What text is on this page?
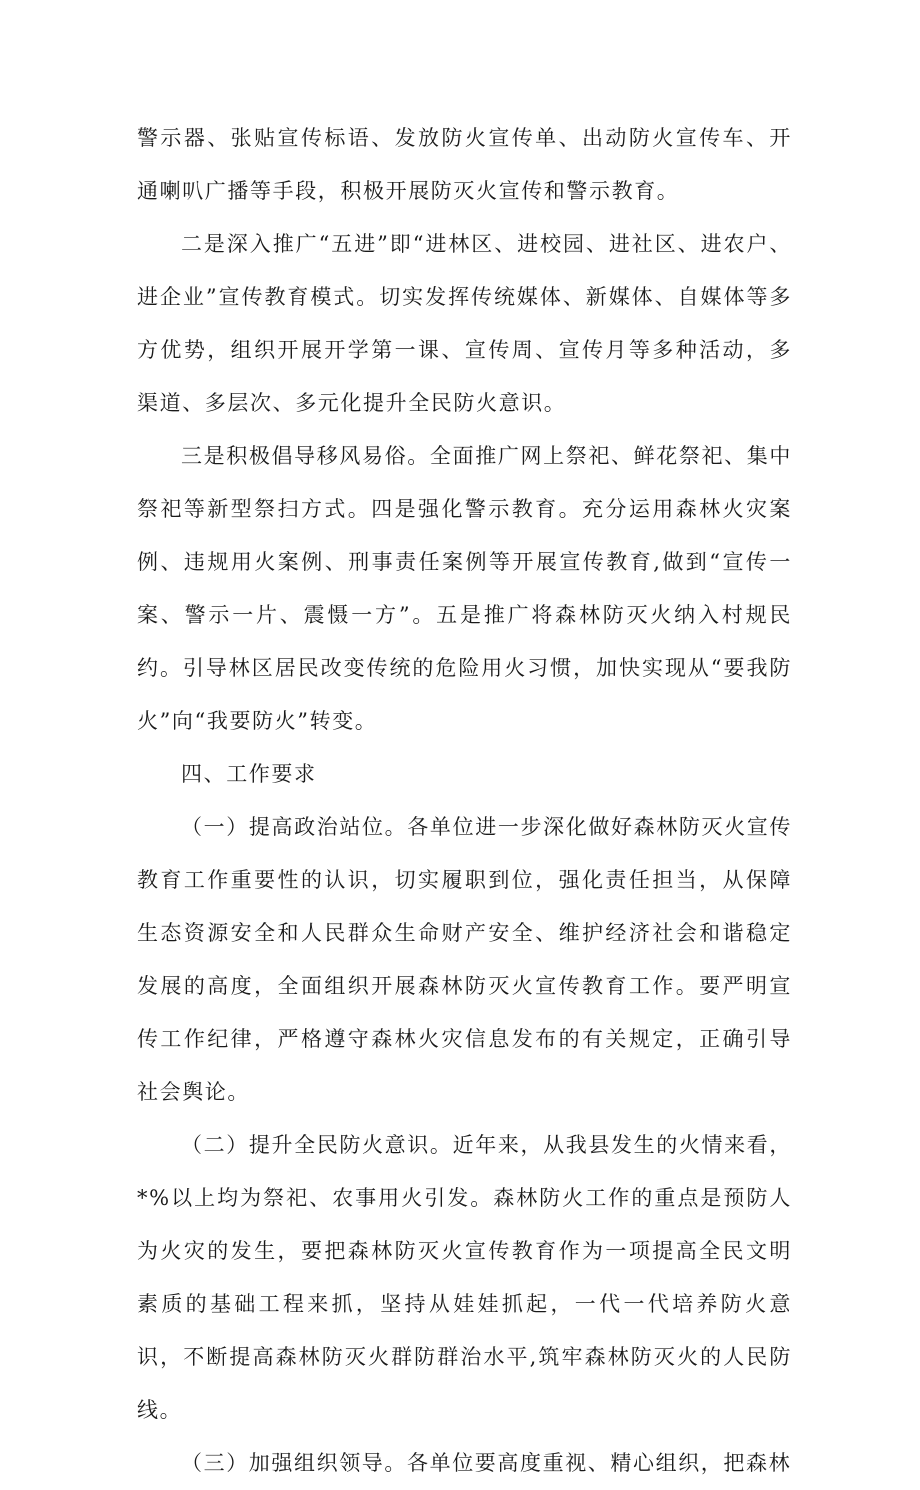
警示器、张贴宣传标语、发放防火宣传单、出动防火宣传车、开通喇叭广播等手段，积极开展防灭火宣传和警示教育。

二是深入推广“五进”即“进林区、进校园、进社区、进农户、进企业”宣传教育模式。切实发挥传统媒体、新媒体、自媒体等多方优势，组织开展开学第一课、宣传周、宣传月等多种活动，多渠道、多层次、多元化提升全民防火意识。

三是积极倡导移风易俗。全面推广网上祭祀、鲜花祭祀、集中祭祀等新型祭扫方式。四是强化警示教育。充分运用森林火灾案例、违规用火案例、刑事责任案例等开展宣传教育,做到“宣传一案、警示一片、震慑一方”。五是推广将森林防灭火纳入村规民约。引导林区居民改变传统的危险用火习惯，加快实现从“要我防火”向“我要防火”转变。

四、工作要求

（一）提高政治站位。各单位进一步深化做好森林防灭火宣传教育工作重要性的认识，切实履职到位，强化责任担当，从保障生态资源安全和人民群众生命财产安全、维护经济社会和谐稳定发展的高度，全面组织开展森林防灭火宣传教育工作。要严明宣传工作纪律，严格遵守森林火灾信息发布的有关规定，正确引导社会舆论。

（二）提升全民防火意识。近年来，从我县发生的火情来看，*%以上均为祭祀、农事用火引发。森林防火工作的重点是预防人为火灾的发生，要把森林防灭火宣传教育作为一项提高全民文明素质的基础工程来抓，坚持从娃娃抓起，一代一代培养防火意识，不断提高森林防灭火群防群治水平,筑牢森林防灭火的人民防线。

（三）加强组织领导。各单位要高度重视、精心组织，把森林
